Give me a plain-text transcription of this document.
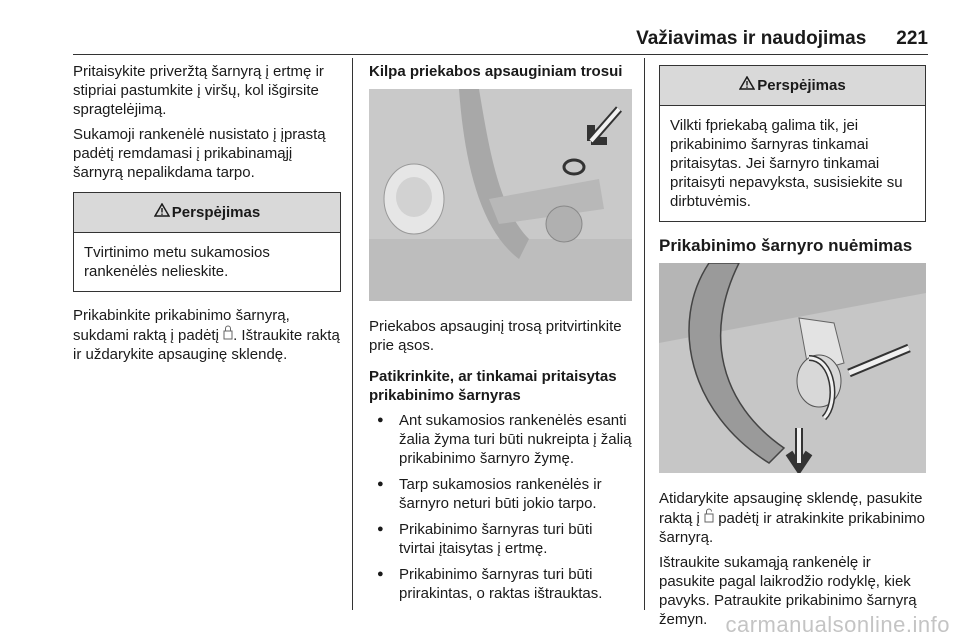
Važiavimas ir naudojimas 221

Pritaisykite priveržtą šarnyrą į ertmę ir stipriai pastumkite į viršų, kol išgirsite spragtelėjimą.

Sukamoji rankenėlė nusistato į įprastą padėtį remdamasi į prikabinamąjį šarnyrą nepalikdama tarpo.

Perspėjimas
Tvirtinimo metu sukamosios rankenėlės nelieskite.

Prikabinkite prikabinimo šarnyrą, sukdami raktą į padėtį . Ištraukite raktą ir uždarykite apsauginę sklendę.

Kilpa priekabos apsauginiam trosui

Priekabos apsauginį trosą pritvirtinkite prie ąsos.

Patikrinkite, ar tinkamai pritaisytas prikabinimo šarnyras

● Ant sukamosios rankenėlės esanti žalia žyma turi būti nukreipta į žalią prikabinimo šarnyro žymę.
● Tarp sukamosios rankenėlės ir šarnyro neturi būti jokio tarpo.
● Prikabinimo šarnyras turi būti tvirtai įtaisytas į ertmę.
● Prikabinimo šarnyras turi būti prirakintas, o raktas ištrauktas.
Perspėjimas
Vilkti fpriekabą galima tik, jei prikabinimo šarnyras tinkamai pritaisytas. Jei šarnyro tinkamai pritaisyti nepavyksta, susisiekite su dirbtuvėmis.

Prikabinimo šarnyro nuėmimas

Atidarykite apsauginę sklendę, pasukite raktą į padėtį ir atrakinkite prikabinimo šarnyrą.

Ištraukite sukamąją rankenėlę ir pasukite pagal laikrodžio rodyklę, kiek pavyks. Patraukite prikabinimo šarnyrą žemyn. carmanualsonline.info
